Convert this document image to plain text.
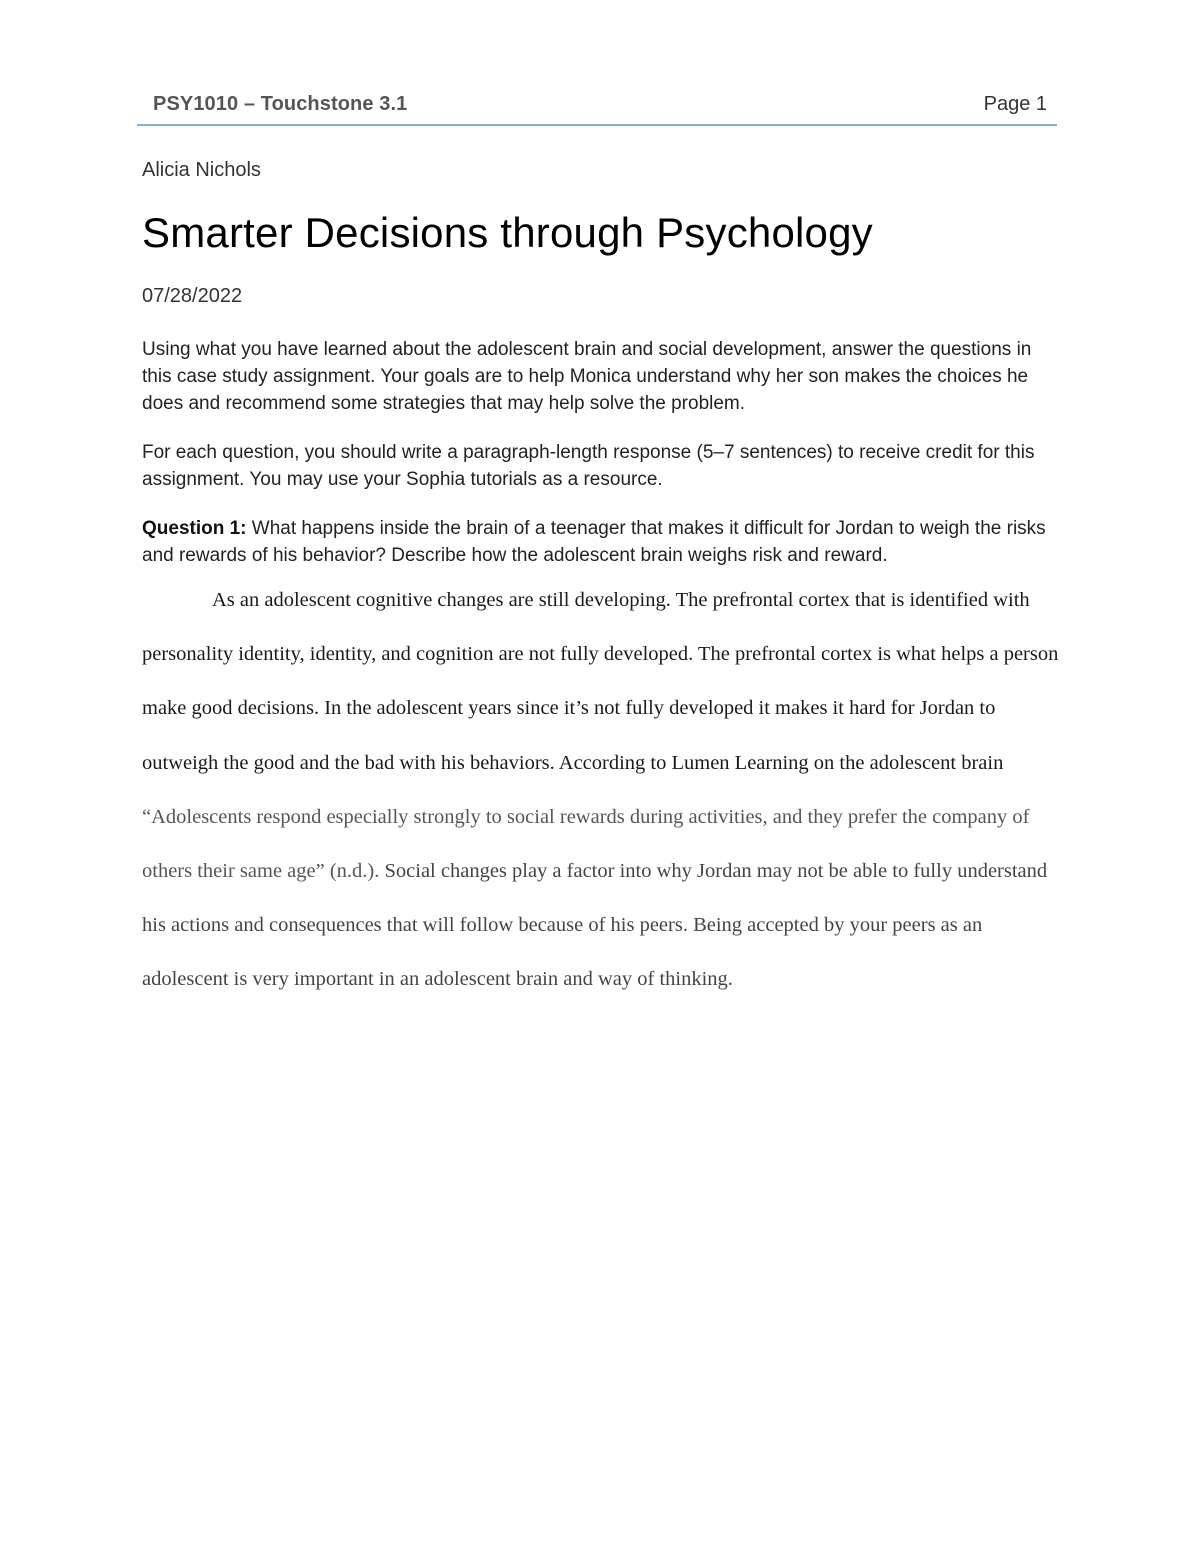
PSY1010 – Touchstone 3.1	Page 1

Alicia Nichols

Smarter Decisions through Psychology

07/28/2022

Using what you have learned about the adolescent brain and social development, answer the questions in this case study assignment. Your goals are to help Monica understand why her son makes the choices he does and recommend some strategies that may help solve the problem.

For each question, you should write a paragraph-length response (5–7 sentences) to receive credit for this assignment. You may use your Sophia tutorials as a resource.

Question 1: What happens inside the brain of a teenager that makes it difficult for Jordan to weigh the risks and rewards of his behavior? Describe how the adolescent brain weighs risk and reward.

As an adolescent cognitive changes are still developing. The prefrontal cortex that is identified with personality identity, identity, and cognition are not fully developed. The prefrontal cortex is what helps a person make good decisions. In the adolescent years since it’s not fully developed it makes it hard for Jordan to outweigh the good and the bad with his behaviors. According to Lumen Learning on the adolescent brain “Adolescents respond especially strongly to social rewards during activities, and they prefer the company of others their same age” (n.d.). Social changes play a factor into why Jordan may not be able to fully understand his actions and consequences that will follow because of his peers. Being accepted by your peers as an adolescent is very important in an adolescent brain and way of thinking.
